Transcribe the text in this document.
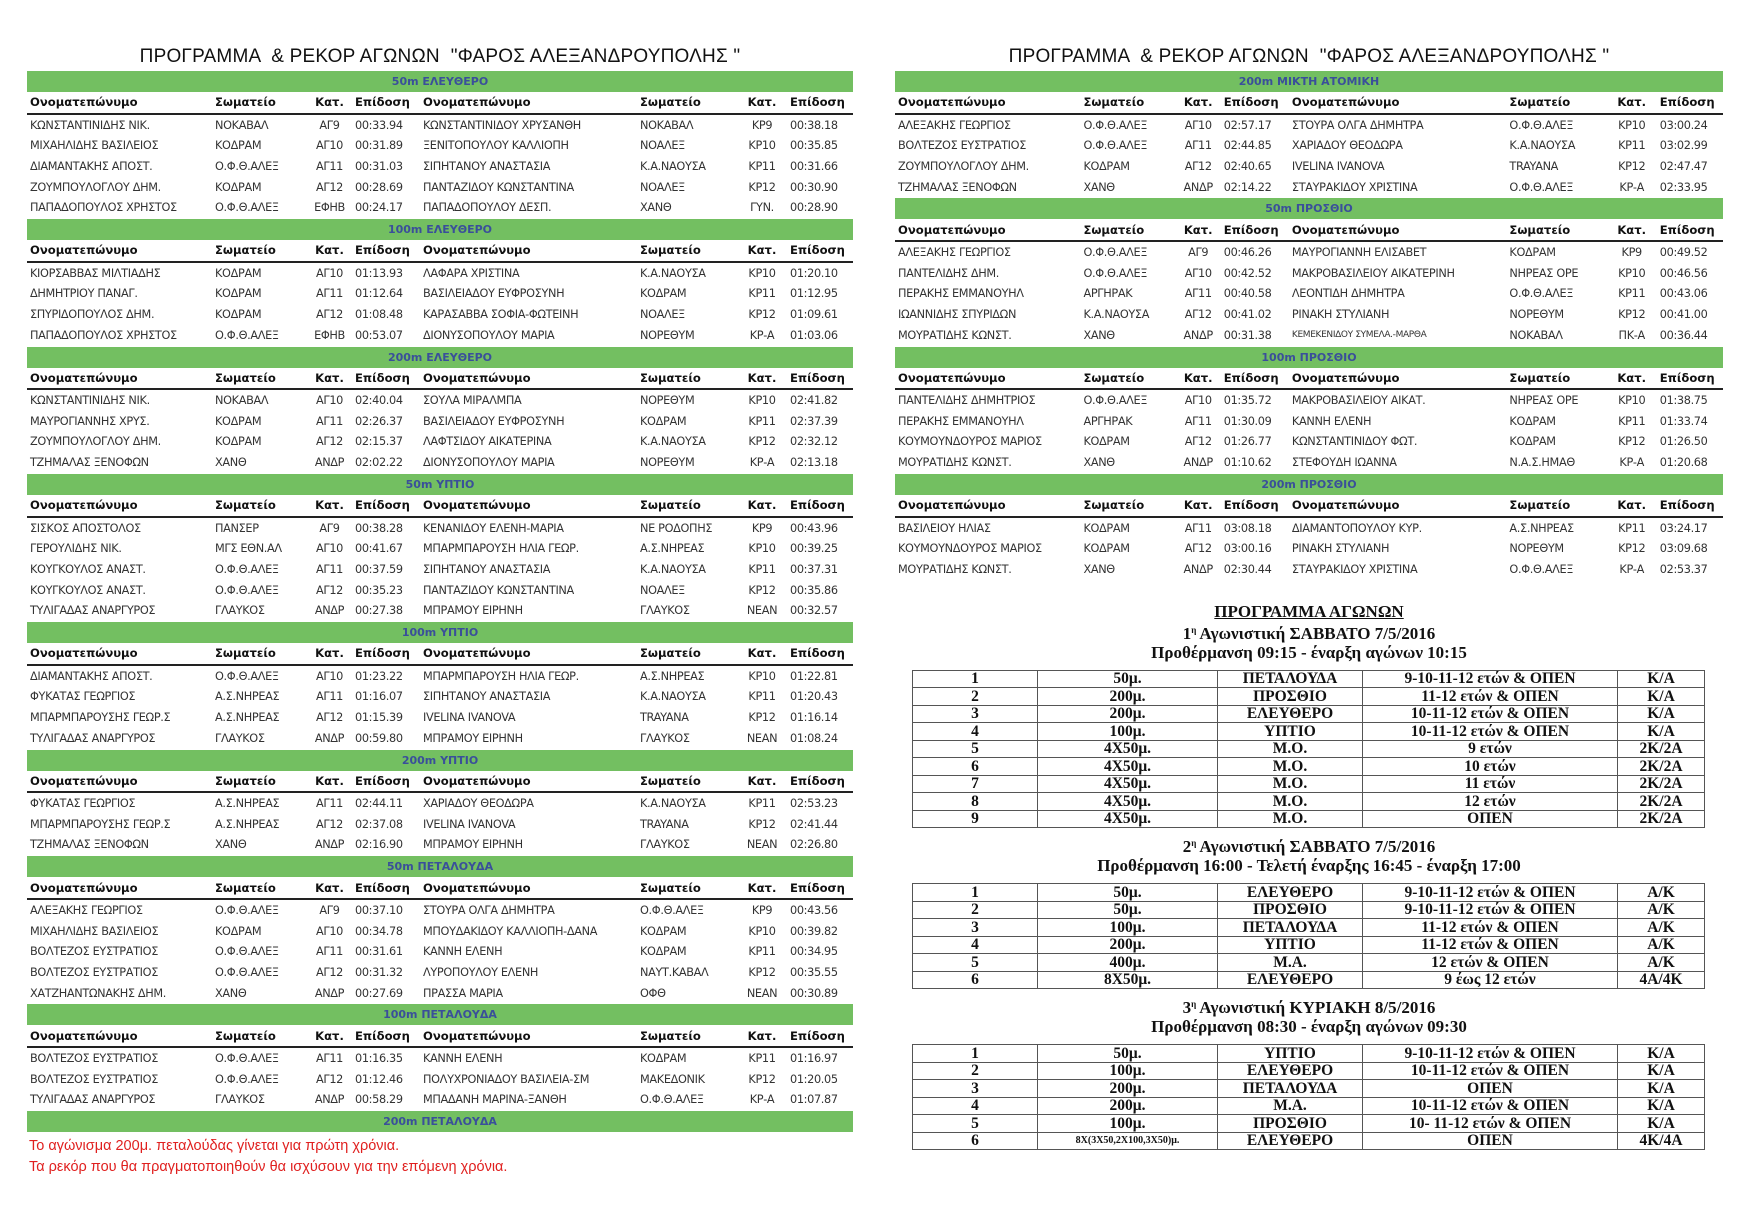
ΠΡΟΓΡΑΜΜΑ  & ΡΕΚΟΡ ΑΓΩΝΩΝ  "ΦΑΡΟΣ ΑΛΕΞΑΝΔΡΟΥΠΟΛΗΣ "
50m ΕΛΕΥΘΕΡΟ
Ονοματεπώνυμο	Σωματείο	Κατ.	Επίδοση	Ονοματεπώνυμο	Σωματείο	Κατ.	Επίδοση
ΚΩΝΣΤΑΝΤΙΝΙΔΗΣ ΝΙΚ.	ΝΟΚΑΒΑΛ	ΑΓ9	00:33.94	ΚΩΝΣΤΑΝΤΙΝΙΔΟΥ ΧΡΥΣΑΝΘΗ	ΝΟΚΑΒΑΛ	ΚΡ9	00:38.18
ΜΙΧΑΗΛΙΔΗΣ ΒΑΣΙΛΕΙΟΣ	ΚΟΔΡΑΜ	ΑΓ10	00:31.89	ΞΕΝΙΤΟΠΟΥΛΟΥ ΚΑΛΛΙΟΠΗ	ΝΟΑΛΕΞ	ΚΡ10	00:35.85
ΔΙΑΜΑΝΤΑΚΗΣ ΑΠΟΣΤ.	Ο.Φ.Θ.ΑΛΕΞ	ΑΓ11	00:31.03	ΣΙΠΗΤΑΝΟΥ ΑΝΑΣΤΑΣΙΑ	Κ.Α.ΝΑΟΥΣΑ	ΚΡ11	00:31.66
ΖΟΥΜΠΟΥΛΟΓΛΟΥ ΔΗΜ.	ΚΟΔΡΑΜ	ΑΓ12	00:28.69	ΠΑΝΤΑΖΙΔΟΥ ΚΩΝΣΤΑΝΤΙΝΑ	ΝΟΑΛΕΞ	ΚΡ12	00:30.90
ΠΑΠΑΔΟΠΟΥΛΟΣ ΧΡΗΣΤΟΣ	Ο.Φ.Θ.ΑΛΕΞ	ΕΦΗΒ	00:24.17	ΠΑΠΑΔΟΠΟΥΛΟΥ ΔΕΣΠ.	ΧΑΝΘ	ΓΥΝ.	00:28.90
100m ΕΛΕΥΘΕΡΟ
Ονοματεπώνυμο	Σωματείο	Κατ.	Επίδοση	Ονοματεπώνυμο	Σωματείο	Κατ.	Επίδοση
ΚΙΟΡΣΑΒΒΑΣ ΜΙΛΤΙΑΔΗΣ	ΚΟΔΡΑΜ	ΑΓ10	01:13.93	ΛΑΦΑΡΑ ΧΡΙΣΤΙΝΑ	Κ.Α.ΝΑΟΥΣΑ	ΚΡ10	01:20.10
ΔΗΜΗΤΡΙΟΥ ΠΑΝΑΓ.	ΚΟΔΡΑΜ	ΑΓ11	01:12.64	ΒΑΣΙΛΕΙΑΔΟΥ ΕΥΦΡΟΣΥΝΗ	ΚΟΔΡΑΜ	ΚΡ11	01:12.95
ΣΠΥΡΙΔΟΠΟΥΛΟΣ ΔΗΜ.	ΚΟΔΡΑΜ	ΑΓ12	01:08.48	ΚΑΡΑΣΑΒΒΑ ΣΟΦΙΑ-ΦΩΤΕΙΝΗ	ΝΟΑΛΕΞ	ΚΡ12	01:09.61
ΠΑΠΑΔΟΠΟΥΛΟΣ ΧΡΗΣΤΟΣ	Ο.Φ.Θ.ΑΛΕΞ	ΕΦΗΒ	00:53.07	ΔΙΟΝΥΣΟΠΟΥΛΟΥ ΜΑΡΙΑ	ΝΟΡΕΘΥΜ	ΚΡ-Α	01:03.06
200m ΕΛΕΥΘΕΡΟ
Ονοματεπώνυμο	Σωματείο	Κατ.	Επίδοση	Ονοματεπώνυμο	Σωματείο	Κατ.	Επίδοση
ΚΩΝΣΤΑΝΤΙΝΙΔΗΣ ΝΙΚ.	ΝΟΚΑΒΑΛ	ΑΓ10	02:40.04	ΣΟΥΛΑ ΜΙΡΑΛΜΠΑ	ΝΟΡΕΘΥΜ	ΚΡ10	02:41.82
ΜΑΥΡΟΓΙΑΝΝΗΣ ΧΡΥΣ.	ΚΟΔΡΑΜ	ΑΓ11	02:26.37	ΒΑΣΙΛΕΙΑΔΟΥ ΕΥΦΡΟΣΥΝΗ	ΚΟΔΡΑΜ	ΚΡ11	02:37.39
ΖΟΥΜΠΟΥΛΟΓΛΟΥ ΔΗΜ.	ΚΟΔΡΑΜ	ΑΓ12	02:15.37	ΛΑΦΤΣΙΔΟΥ ΑΙΚΑΤΕΡΙΝΑ	Κ.Α.ΝΑΟΥΣΑ	ΚΡ12	02:32.12
ΤΖΗΜΑΛΑΣ ΞΕΝΟΦΩΝ	ΧΑΝΘ	ΑΝΔΡ	02:02.22	ΔΙΟΝΥΣΟΠΟΥΛΟΥ ΜΑΡΙΑ	ΝΟΡΕΘΥΜ	ΚΡ-Α	02:13.18
50m ΥΠΤΙΟ
Ονοματεπώνυμο	Σωματείο	Κατ.	Επίδοση	Ονοματεπώνυμο	Σωματείο	Κατ.	Επίδοση
ΣΙΣΚΟΣ ΑΠΟΣΤΟΛΟΣ	ΠΑΝΣΕΡ	ΑΓ9	00:38.28	ΚΕΝΑΝΙΔΟΥ ΕΛΕΝΗ-ΜΑΡΙΑ	ΝΕ ΡΟΔΟΠΗΣ	ΚΡ9	00:43.96
ΓΕΡΟΥΛΙΔΗΣ ΝΙΚ.	ΜΓΣ ΕΘΝ.ΑΛ	ΑΓ10	00:41.67	ΜΠΑΡΜΠΑΡΟΥΣΗ ΗΛΙΑ ΓΕΩΡ.	Α.Σ.ΝΗΡΕΑΣ	ΚΡ10	00:39.25
ΚΟΥΓΚΟΥΛΟΣ ΑΝΑΣΤ.	Ο.Φ.Θ.ΑΛΕΞ	ΑΓ11	00:37.59	ΣΙΠΗΤΑΝΟΥ ΑΝΑΣΤΑΣΙΑ	Κ.Α.ΝΑΟΥΣΑ	ΚΡ11	00:37.31
ΚΟΥΓΚΟΥΛΟΣ ΑΝΑΣΤ.	Ο.Φ.Θ.ΑΛΕΞ	ΑΓ12	00:35.23	ΠΑΝΤΑΖΙΔΟΥ ΚΩΝΣΤΑΝΤΙΝΑ	ΝΟΑΛΕΞ	ΚΡ12	00:35.86
ΤΥΛΙΓΑΔΑΣ ΑΝΑΡΓΥΡΟΣ	ΓΛΑΥΚΟΣ	ΑΝΔΡ	00:27.38	ΜΠΡΑΜΟΥ ΕΙΡΗΝΗ	ΓΛΑΥΚΟΣ	ΝΕΑΝ	00:32.57
100m ΥΠΤΙΟ
Ονοματεπώνυμο	Σωματείο	Κατ.	Επίδοση	Ονοματεπώνυμο	Σωματείο	Κατ.	Επίδοση
ΔΙΑΜΑΝΤΑΚΗΣ ΑΠΟΣΤ.	Ο.Φ.Θ.ΑΛΕΞ	ΑΓ10	01:23.22	ΜΠΑΡΜΠΑΡΟΥΣΗ ΗΛΙΑ ΓΕΩΡ.	Α.Σ.ΝΗΡΕΑΣ	ΚΡ10	01:22.81
ΦΥΚΑΤΑΣ ΓΕΩΡΓΙΟΣ	Α.Σ.ΝΗΡΕΑΣ	ΑΓ11	01:16.07	ΣΙΠΗΤΑΝΟΥ ΑΝΑΣΤΑΣΙΑ	Κ.Α.ΝΑΟΥΣΑ	ΚΡ11	01:20.43
ΜΠΑΡΜΠΑΡΟΥΣΗΣ ΓΕΩΡ.Σ	Α.Σ.ΝΗΡΕΑΣ	ΑΓ12	01:15.39	IVELINA IVANOVA	TRAYANA	ΚΡ12	01:16.14
ΤΥΛΙΓΑΔΑΣ ΑΝΑΡΓΥΡΟΣ	ΓΛΑΥΚΟΣ	ΑΝΔΡ	00:59.80	ΜΠΡΑΜΟΥ ΕΙΡΗΝΗ	ΓΛΑΥΚΟΣ	ΝΕΑΝ	01:08.24
200m ΥΠΤΙΟ
Ονοματεπώνυμο	Σωματείο	Κατ.	Επίδοση	Ονοματεπώνυμο	Σωματείο	Κατ.	Επίδοση
ΦΥΚΑΤΑΣ ΓΕΩΡΓΙΟΣ	Α.Σ.ΝΗΡΕΑΣ	ΑΓ11	02:44.11	ΧΑΡΙΑΔΟΥ ΘΕΟΔΩΡΑ	Κ.Α.ΝΑΟΥΣΑ	ΚΡ11	02:53.23
ΜΠΑΡΜΠΑΡΟΥΣΗΣ ΓΕΩΡ.Σ	Α.Σ.ΝΗΡΕΑΣ	ΑΓ12	02:37.08	IVELINA IVANOVA	TRAYANA	ΚΡ12	02:41.44
ΤΖΗΜΑΛΑΣ ΞΕΝΟΦΩΝ	ΧΑΝΘ	ΑΝΔΡ	02:16.90	ΜΠΡΑΜΟΥ ΕΙΡΗΝΗ	ΓΛΑΥΚΟΣ	ΝΕΑΝ	02:26.80
50m ΠΕΤΑΛΟΥΔΑ
Ονοματεπώνυμο	Σωματείο	Κατ.	Επίδοση	Ονοματεπώνυμο	Σωματείο	Κατ.	Επίδοση
ΑΛΕΞΑΚΗΣ ΓΕΩΡΓΙΟΣ	Ο.Φ.Θ.ΑΛΕΞ	ΑΓ9	00:37.10	ΣΤΟΥΡΑ ΟΛΓΑ ΔΗΜΗΤΡΑ	Ο.Φ.Θ.ΑΛΕΞ	ΚΡ9	00:43.56
ΜΙΧΑΗΛΙΔΗΣ ΒΑΣΙΛΕΙΟΣ	ΚΟΔΡΑΜ	ΑΓ10	00:34.78	ΜΠΟΥΔΑΚΙΔΟΥ ΚΑΛΛΙΟΠΗ-ΔΑΝΑ	ΚΟΔΡΑΜ	ΚΡ10	00:39.82
ΒΟΛΤΕΖΟΣ ΕΥΣΤΡΑΤΙΟΣ	Ο.Φ.Θ.ΑΛΕΞ	ΑΓ11	00:31.61	ΚΑΝΝΗ ΕΛΕΝΗ	ΚΟΔΡΑΜ	ΚΡ11	00:34.95
ΒΟΛΤΕΖΟΣ ΕΥΣΤΡΑΤΙΟΣ	Ο.Φ.Θ.ΑΛΕΞ	ΑΓ12	00:31.32	ΛΥΡΟΠΟΥΛΟΥ ΕΛΕΝΗ	ΝΑΥΤ.ΚΑΒΑΛ	ΚΡ12	00:35.55
ΧΑΤΖΗΑΝΤΩΝΑΚΗΣ ΔΗΜ.	ΧΑΝΘ	ΑΝΔΡ	00:27.69	ΠΡΑΣΣΑ ΜΑΡΙΑ	ΟΦΘ	ΝΕΑΝ	00:30.89
100m ΠΕΤΑΛΟΥΔΑ
Ονοματεπώνυμο	Σωματείο	Κατ.	Επίδοση	Ονοματεπώνυμο	Σωματείο	Κατ.	Επίδοση
ΒΟΛΤΕΖΟΣ ΕΥΣΤΡΑΤΙΟΣ	Ο.Φ.Θ.ΑΛΕΞ	ΑΓ11	01:16.35	ΚΑΝΝΗ ΕΛΕΝΗ	ΚΟΔΡΑΜ	ΚΡ11	01:16.97
ΒΟΛΤΕΖΟΣ ΕΥΣΤΡΑΤΙΟΣ	Ο.Φ.Θ.ΑΛΕΞ	ΑΓ12	01:12.46	ΠΟΛΥΧΡΟΝΙΑΔΟΥ ΒΑΣΙΛΕΙΑ-ΣΜ	ΜΑΚΕΔΟΝΙΚ	ΚΡ12	01:20.05
ΤΥΛΙΓΑΔΑΣ ΑΝΑΡΓΥΡΟΣ	ΓΛΑΥΚΟΣ	ΑΝΔΡ	00:58.29	ΜΠΑΔΑΝΗ ΜΑΡΙΝΑ-ΞΑΝΘΗ	Ο.Φ.Θ.ΑΛΕΞ	ΚΡ-Α	01:07.87
200m ΠΕΤΑΛΟΥΔΑ
Το αγώνισμα 200μ. πεταλούδας γίνεται για πρώτη χρόνια.
Τα ρεκόρ που θα πραγματοποιηθούν θα ισχύσουν για την επόμενη χρόνια.
ΠΡΟΓΡΑΜΜΑ  & ΡΕΚΟΡ ΑΓΩΝΩΝ  "ΦΑΡΟΣ ΑΛΕΞΑΝΔΡΟΥΠΟΛΗΣ "
200m ΜΙΚΤΗ ΑΤΟΜΙΚΗ
Ονοματεπώνυμο	Σωματείο	Κατ.	Επίδοση	Ονοματεπώνυμο	Σωματείο	Κατ.	Επίδοση
ΑΛΕΞΑΚΗΣ ΓΕΩΡΓΙΟΣ	Ο.Φ.Θ.ΑΛΕΞ	ΑΓ10	02:57.17	ΣΤΟΥΡΑ ΟΛΓΑ ΔΗΜΗΤΡΑ	Ο.Φ.Θ.ΑΛΕΞ	ΚΡ10	03:00.24
ΒΟΛΤΕΖΟΣ ΕΥΣΤΡΑΤΙΟΣ	Ο.Φ.Θ.ΑΛΕΞ	ΑΓ11	02:44.85	ΧΑΡΙΑΔΟΥ ΘΕΟΔΩΡΑ	Κ.Α.ΝΑΟΥΣΑ	ΚΡ11	03:02.99
ΖΟΥΜΠΟΥΛΟΓΛΟΥ ΔΗΜ.	ΚΟΔΡΑΜ	ΑΓ12	02:40.65	IVELINA IVANOVA	TRAYANA	ΚΡ12	02:47.47
ΤΖΗΜΑΛΑΣ ΞΕΝΟΦΩΝ	ΧΑΝΘ	ΑΝΔΡ	02:14.22	ΣΤΑΥΡΑΚΙΔΟΥ ΧΡΙΣΤΙΝΑ	Ο.Φ.Θ.ΑΛΕΞ	ΚΡ-Α	02:33.95
50m ΠΡΟΣΘΙΟ
Ονοματεπώνυμο	Σωματείο	Κατ.	Επίδοση	Ονοματεπώνυμο	Σωματείο	Κατ.	Επίδοση
ΑΛΕΞΑΚΗΣ ΓΕΩΡΓΙΟΣ	Ο.Φ.Θ.ΑΛΕΞ	ΑΓ9	00:46.26	ΜΑΥΡΟΓΙΑΝΝΗ ΕΛΙΣΑΒΕΤ	ΚΟΔΡΑΜ	ΚΡ9	00:49.52
ΠΑΝΤΕΛΙΔΗΣ ΔΗΜ.	Ο.Φ.Θ.ΑΛΕΞ	ΑΓ10	00:42.52	ΜΑΚΡΟΒΑΣΙΛΕΙΟΥ ΑΙΚΑΤΕΡΙΝΗ	ΝΗΡΕΑΣ ΟΡΕ	ΚΡ10	00:46.56
ΠΕΡΑΚΗΣ ΕΜΜΑΝΟΥΗΛ	ΑΡΓΗΡΑΚ	ΑΓ11	00:40.58	ΛΕΟΝΤΙΔΗ ΔΗΜΗΤΡΑ	Ο.Φ.Θ.ΑΛΕΞ	ΚΡ11	00:43.06
ΙΩΑΝΝΙΔΗΣ ΣΠΥΡΙΔΩΝ	Κ.Α.ΝΑΟΥΣΑ	ΑΓ12	00:41.02	ΡΙΝΑΚΗ ΣΤΥΛΙΑΝΗ	ΝΟΡΕΘΥΜ	ΚΡ12	00:41.00
ΜΟΥΡΑΤΙΔΗΣ ΚΩΝΣΤ.	ΧΑΝΘ	ΑΝΔΡ	00:31.38	ΚΕΜΕΚΕΝΙΔΟΥ ΣΥΜΕΛΑ.-ΜΑΡΘΑ	ΝΟΚΑΒΑΛ	ΠΚ-Α	00:36.44
100m ΠΡΟΣΘΙΟ
Ονοματεπώνυμο	Σωματείο	Κατ.	Επίδοση	Ονοματεπώνυμο	Σωματείο	Κατ.	Επίδοση
ΠΑΝΤΕΛΙΔΗΣ ΔΗΜΗΤΡΙΟΣ	Ο.Φ.Θ.ΑΛΕΞ	ΑΓ10	01:35.72	ΜΑΚΡΟΒΑΣΙΛΕΙΟΥ ΑΙΚΑΤ.	ΝΗΡΕΑΣ ΟΡΕ	ΚΡ10	01:38.75
ΠΕΡΑΚΗΣ ΕΜΜΑΝΟΥΗΛ	ΑΡΓΗΡΑΚ	ΑΓ11	01:30.09	ΚΑΝΝΗ ΕΛΕΝΗ	ΚΟΔΡΑΜ	ΚΡ11	01:33.74
ΚΟΥΜΟΥΝΔΟΥΡΟΣ ΜΑΡΙΟΣ	ΚΟΔΡΑΜ	ΑΓ12	01:26.77	ΚΩΝΣΤΑΝΤΙΝΙΔΟΥ ΦΩΤ.	ΚΟΔΡΑΜ	ΚΡ12	01:26.50
ΜΟΥΡΑΤΙΔΗΣ ΚΩΝΣΤ.	ΧΑΝΘ	ΑΝΔΡ	01:10.62	ΣΤΕΦΟΥΔΗ ΙΩΑΝΝΑ	Ν.Α.Σ.ΗΜΑΘ	ΚΡ-Α	01:20.68
200m ΠΡΟΣΘΙΟ
Ονοματεπώνυμο	Σωματείο	Κατ.	Επίδοση	Ονοματεπώνυμο	Σωματείο	Κατ.	Επίδοση
ΒΑΣΙΛΕΙΟΥ ΗΛΙΑΣ	ΚΟΔΡΑΜ	ΑΓ11	03:08.18	ΔΙΑΜΑΝΤΟΠΟΥΛΟΥ ΚΥΡ.	Α.Σ.ΝΗΡΕΑΣ	ΚΡ11	03:24.17
ΚΟΥΜΟΥΝΔΟΥΡΟΣ ΜΑΡΙΟΣ	ΚΟΔΡΑΜ	ΑΓ12	03:00.16	ΡΙΝΑΚΗ ΣΤΥΛΙΑΝΗ	ΝΟΡΕΘΥΜ	ΚΡ12	03:09.68
ΜΟΥΡΑΤΙΔΗΣ ΚΩΝΣΤ.	ΧΑΝΘ	ΑΝΔΡ	02:30.44	ΣΤΑΥΡΑΚΙΔΟΥ ΧΡΙΣΤΙΝΑ	Ο.Φ.Θ.ΑΛΕΞ	ΚΡ-Α	02:53.37
ΠΡΟΓΡΑΜΜΑ ΑΓΩΝΩΝ
$1^\eta$ Αγωνιστική ΣΑΒΒΑΤΟ 7/5/2016
Προθέρμανση 09:15 - έναρξη αγώνων 10:15
1	50μ.	ΠΕΤΑΛΟΥΔΑ	9-10-11-12 ετών & ΟΠΕΝ	Κ/Α
2	200μ.	ΠΡΟΣΘΙΟ	11-12 ετών & ΟΠΕΝ	Κ/Α
3	200μ.	ΕΛΕΥΘΕΡΟ	10-11-12 ετών & ΟΠΕΝ	Κ/Α
4	100μ.	ΥΠΤΙΟ	10-11-12 ετών & ΟΠΕΝ	Κ/Α
5	4Χ50μ.	Μ.Ο.	9 ετών	2Κ/2Α
6	4Χ50μ.	Μ.Ο.	10 ετών	2Κ/2Α
7	4Χ50μ.	Μ.Ο.	11 ετών	2Κ/2Α
8	4Χ50μ.	Μ.Ο.	12 ετών	2Κ/2Α
9	4Χ50μ.	Μ.Ο.	ΟΠΕΝ	2Κ/2Α
$2^\eta$ Αγωνιστική ΣΑΒΒΑΤΟ 7/5/2016
Προθέρμανση 16:00 - Τελετή έναρξης 16:45 - έναρξη 17:00
1	50μ.	ΕΛΕΥΘΕΡΟ	9-10-11-12 ετών & ΟΠΕΝ	Α/Κ
2	50μ.	ΠΡΟΣΘΙΟ	9-10-11-12 ετών & ΟΠΕΝ	Α/Κ
3	100μ.	ΠΕΤΑΛΟΥΔΑ	11-12 ετών & ΟΠΕΝ	Α/Κ
4	200μ.	ΥΠΤΙΟ	11-12 ετών & ΟΠΕΝ	Α/Κ
5	400μ.	Μ.Α.	12 ετών & ΟΠΕΝ	Α/Κ
6	8Χ50μ.	ΕΛΕΥΘΕΡΟ	9 έως 12 ετών	4Α/4Κ
$3^\eta$ Αγωνιστική ΚΥΡΙΑΚΗ 8/5/2016
Προθέρμανση 08:30 - έναρξη αγώνων 09:30
1	50μ.	ΥΠΤΙΟ	9-10-11-12 ετών & ΟΠΕΝ	Κ/Α
2	100μ.	ΕΛΕΥΘΕΡΟ	10-11-12 ετών & ΟΠΕΝ	Κ/Α
3	200μ.	ΠΕΤΑΛΟΥΔΑ	ΟΠΕΝ	Κ/Α
4	200μ.	Μ.Α.	10-11-12 ετών & ΟΠΕΝ	Κ/Α
5	100μ.	ΠΡΟΣΘΙΟ	10- 11-12 ετών & ΟΠΕΝ	Κ/Α
6	8Χ(3Χ50,2Χ100,3Χ50)μ.	ΕΛΕΥΘΕΡΟ	ΟΠΕΝ	4Κ/4Α
